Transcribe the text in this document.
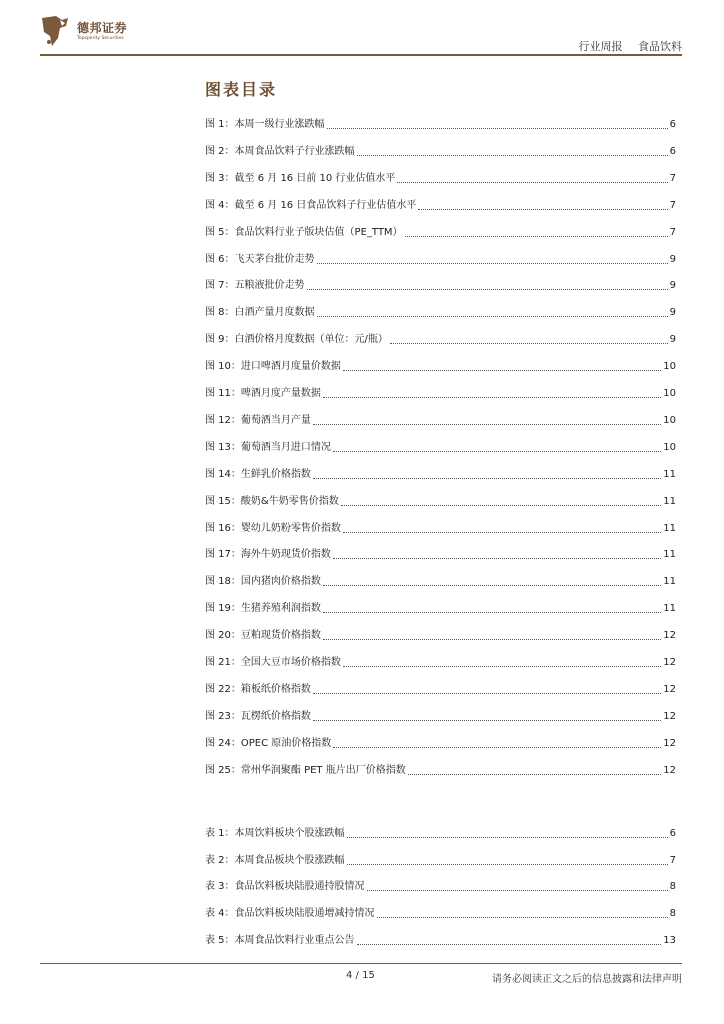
德邦证券
Topsperity Securities
行业周报 食品饮料
图表目录
图 1：本周一级行业涨跌幅	6
图 2：本周食品饮料子行业涨跌幅	6
图 3：截至 6 月 16 日前 10 行业估值水平	7
图 4：截至 6 月 16 日食品饮料子行业估值水平	7
图 5：食品饮料行业子版块估值（PE_TTM）	7
图 6：飞天茅台批价走势	9
图 7：五粮液批价走势	9
图 8：白酒产量月度数据	9
图 9：白酒价格月度数据（单位：元/瓶）	9
图 10：进口啤酒月度量价数据	10
图 11：啤酒月度产量数据	10
图 12：葡萄酒当月产量	10
图 13：葡萄酒当月进口情况	10
图 14：生鲜乳价格指数	11
图 15：酸奶&牛奶零售价指数	11
图 16：婴幼儿奶粉零售价指数	11
图 17：海外牛奶现货价指数	11
图 18：国内猪肉价格指数	11
图 19：生猪养殖利润指数	11
图 20：豆粕现货价格指数	12
图 21：全国大豆市场价格指数	12
图 22：箱板纸价格指数	12
图 23：瓦楞纸价格指数	12
图 24：OPEC 原油价格指数	12
图 25：常州华润聚酯 PET 瓶片出厂价格指数	12
表 1：本周饮料板块个股涨跌幅	6
表 2：本周食品板块个股涨跌幅	7
表 3：食品饮料板块陆股通持股情况	8
表 4：食品饮料板块陆股通增减持情况	8
表 5：本周食品饮料行业重点公告	13
4 / 15	请务必阅读正文之后的信息披露和法律声明
